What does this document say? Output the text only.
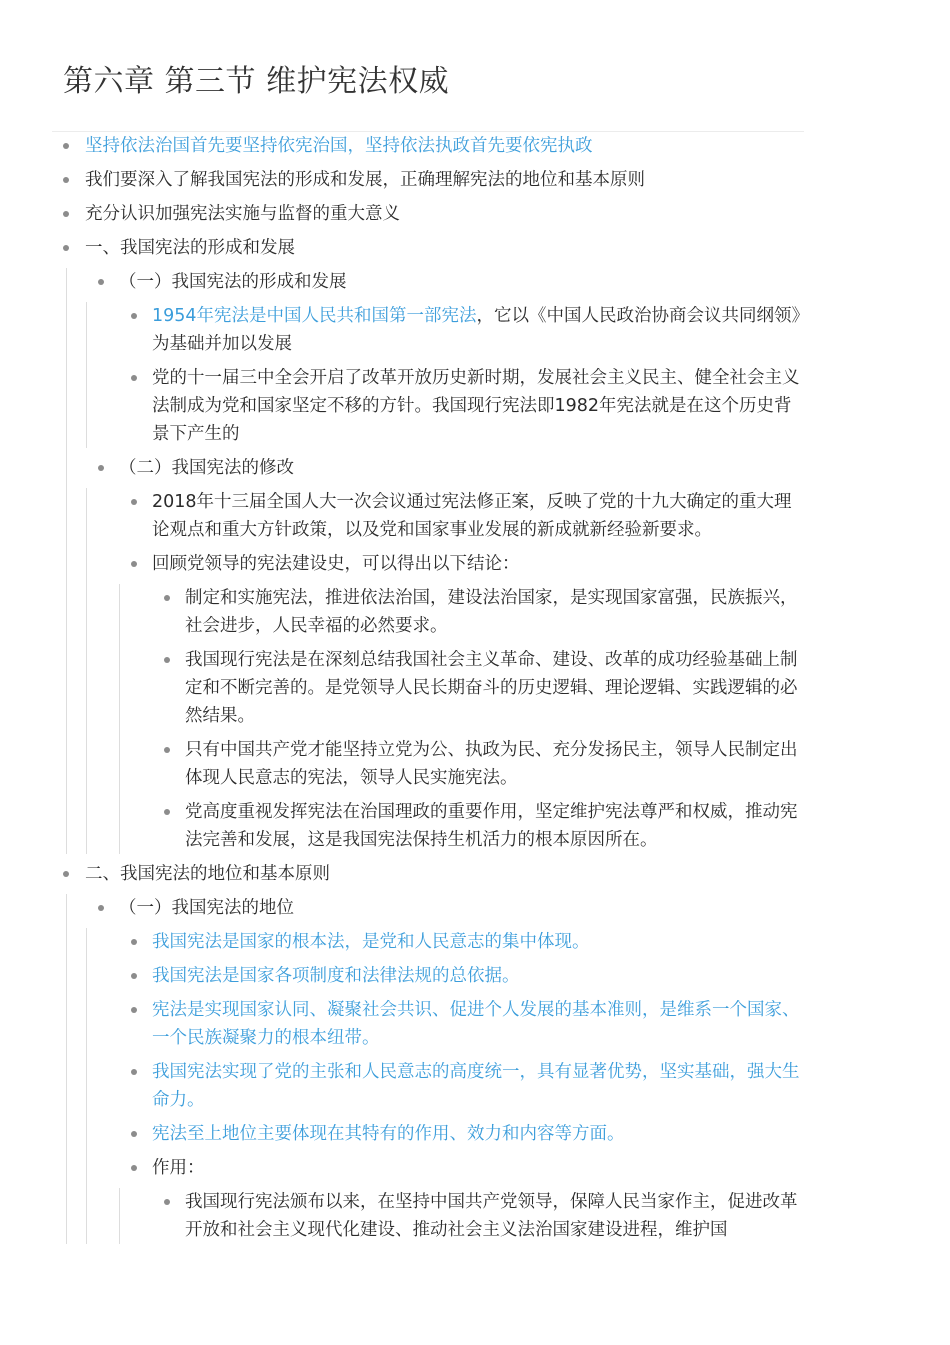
第六章 第三节 维护宪法权威
坚持依法治国首先要坚持依宪治国，坚持依法执政首先要依宪执政
我们要深入了解我国宪法的形成和发展，正确理解宪法的地位和基本原则
充分认识加强宪法实施与监督的重大意义
一、我国宪法的形成和发展
（一）我国宪法的形成和发展
1954年宪法是中国人民共和国第一部宪法，它以《中国人民政治协商会议共同纲领》为基础并加以发展
党的十一届三中全会开启了改革开放历史新时期，发展社会主义民主、健全社会主义法制成为党和国家坚定不移的方针。我国现行宪法即1982年宪法就是在这个历史背景下产生的
（二）我国宪法的修改
2018年十三届全国人大一次会议通过宪法修正案，反映了党的十九大确定的重大理论观点和重大方针政策，以及党和国家事业发展的新成就新经验新要求。
回顾党领导的宪法建设史，可以得出以下结论：
制定和实施宪法，推进依法治国，建设法治国家，是实现国家富强，民族振兴，社会进步，人民幸福的必然要求。
我国现行宪法是在深刻总结我国社会主义革命、建设、改革的成功经验基础上制定和不断完善的。是党领导人民长期奋斗的历史逻辑、理论逻辑、实践逻辑的必然结果。
只有中国共产党才能坚持立党为公、执政为民、充分发扬民主，领导人民制定出体现人民意志的宪法，领导人民实施宪法。
党高度重视发挥宪法在治国理政的重要作用，坚定维护宪法尊严和权威，推动宪法完善和发展，这是我国宪法保持生机活力的根本原因所在。
二、我国宪法的地位和基本原则
（一）我国宪法的地位
我国宪法是国家的根本法，是党和人民意志的集中体现。
我国宪法是国家各项制度和法律法规的总依据。
宪法是实现国家认同、凝聚社会共识、促进个人发展的基本准则，是维系一个国家、一个民族凝聚力的根本纽带。
我国宪法实现了党的主张和人民意志的高度统一，具有显著优势，坚实基础，强大生命力。
宪法至上地位主要体现在其特有的作用、效力和内容等方面。
作用：
我国现行宪法颁布以来，在坚持中国共产党领导，保障人民当家作主，促进改革开放和社会主义现代化建设、推动社会主义法治国家建设进程，维护国
